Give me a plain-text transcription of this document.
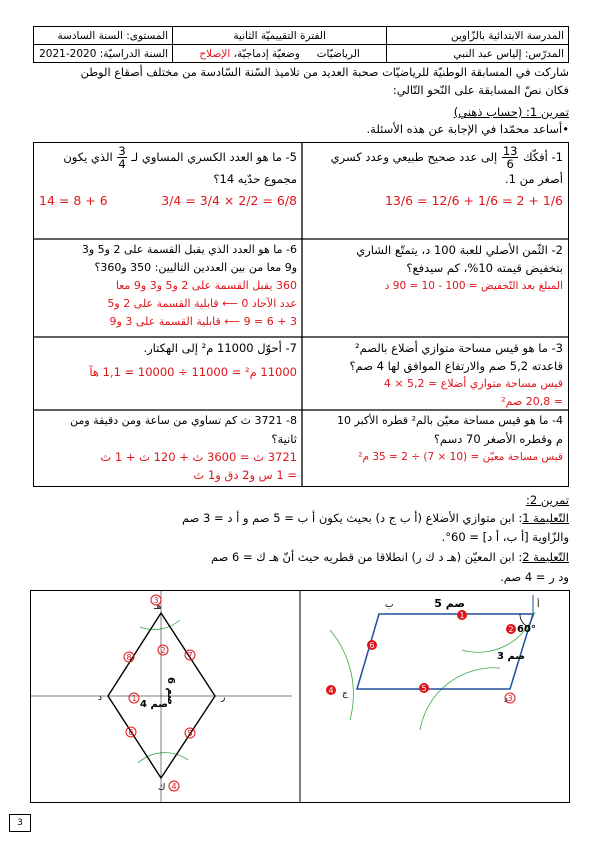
المدرسة الابتدائية بالزّاوين	الفترة التقييميّة الثانية	المستوى: السنة السادسة
المدرّس: إلياس عبد النبي	الرياضيّات     وضعيّة إدماجيّة، الإصلاح	السنة الدراسيّة: 2020-2021
شاركت في المسابقة الوطنيّة للرياضيّات صحبة العديد من تلاميذ السّنة السّادسة من مختلف أصقاع الوطن
فكان نصّ المسابقة على النّحو التّالي:
تمرين 1: (حساب ذهني)
•أساعد محمّدا في الإجابة عن هذه الأسئلة.
1- أفكّك
$\frac{13}{6}$
إلى عدد صحيح طبيعي وعدد كسري
أصغر من 1.
13/6 = 12/6 + 1/6 = 2 + 1/6
5- ما هو العدد الكسري المساوي لـ
$\frac{3}{4}$
الذي يكون
مجموع حدّيه 14؟
14 = 8 + 6	3/4 = 3/4 × 2/2 = 6/8
2- الثّمن الأصلي للعبة 100 د، يتمتّع الشاري
بتخفيض قيمته 10%، كم سيدفع؟
المبلغ بعد التّخفيض = 100 - 10 = 90 د
6- ما هو العدد الذي يقبل القسمة على 2 و5 و3
و9 معا من بين العددين التاليين: 350 و360؟
360 يقبل القسمة على 2 و5 و3 و9 معا
عدد الآحاد 0 ⟵ قابلية القسمة على 2 و5
3 + 6 = 9 ⟵ قابلية القسمة على 3 و9
3- ما هو قيس مساحة متوازي أضلاع بالصم²
قاعدته 5,2 صم والارتفاع الموافق لها 4 صم؟
قيس مساحة متوازي أضلاع = 5,2 × 4
= 20,8 صم²
7- أحوّل 11000 م² إلى الهكتار.
11000 م² = 11000 ÷ 10000 = 1,1 هآ
4- ما هو قيس مساحة معيّن بالم² قطره الأكبر 10
م وقطره الأصغر 70 دسم؟
قيس مساحة معيّن = (10 × 7) ÷ 2 = 35 م²
8- 3721 ث كم تساوي من ساعة ومن دقيقة ومن
ثانية؟
3721 ث = 3600 ث + 120 ث + 1 ث
= 1 س و2 دق و1 ث
تمرين 2:
التّعليمة 1: ابن متوازي الأضلاع (أ ب ج د) بحيث يكون أ ب = 5 صم و أ د = 3 صم
والزّاوية [أ ب، أ د] = 60°.
التّعليمة 2: ابن المعيّن (هـ د ك ر) انطلاقا من قطريه حيث أنّ هـ ك = 6 صم
ود ر = 4 صم.
أ
ب
ج
د
5 صم
60°
3 صم
1
2
3
4	5
6
هـ
د
ك
ر
6 صم
4 صم
1
2
3
4
5
6
7
8
3
